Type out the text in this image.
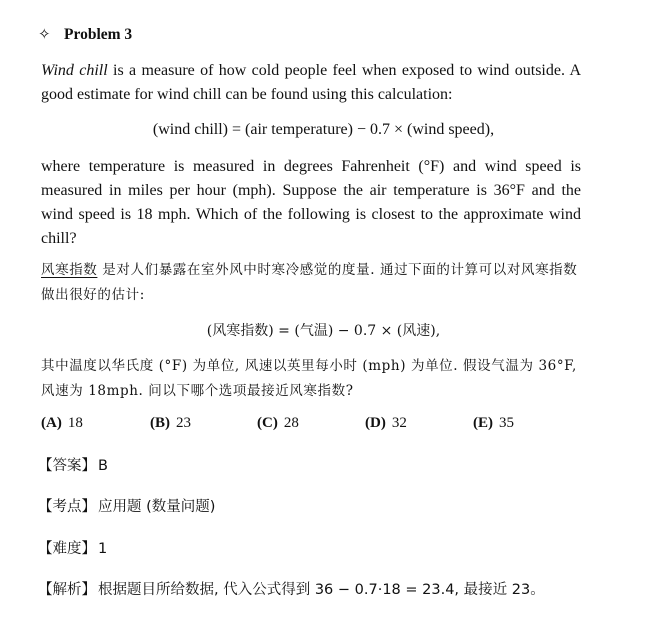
✧ Problem 3

Wind chill is a measure of how cold people feel when exposed to wind outside. A good estimate for wind chill can be found using this calculation:

(wind chill) = (air temperature) − 0.7 × (wind speed),

where temperature is measured in degrees Fahrenheit (°F) and wind speed is measured in miles per hour (mph). Suppose the air temperature is 36°F and the wind speed is 18 mph. Which of the following is closest to the approximate wind chill?

风寒指数 是对人们暴露在室外风中时寒冷感觉的度量. 通过下面的计算可以对风寒指数做出很好的估计:

(风寒指数) = (气温) − 0.7 × (风速),

其中温度以华氏度 (°F) 为单位, 风速以英里每小时 (mph) 为单位. 假设气温为 36°F, 风速为 18mph. 问以下哪个选项最接近风寒指数?

(A) 18	(B) 23	(C) 28	(D) 32	(E) 35
【答案】 B
【考点】 应用题 (数量问题)
【难度】 1
【解析】 根据题目所给数据, 代入公式得到 36 − 0.7·18 = 23.4, 最接近 23。
